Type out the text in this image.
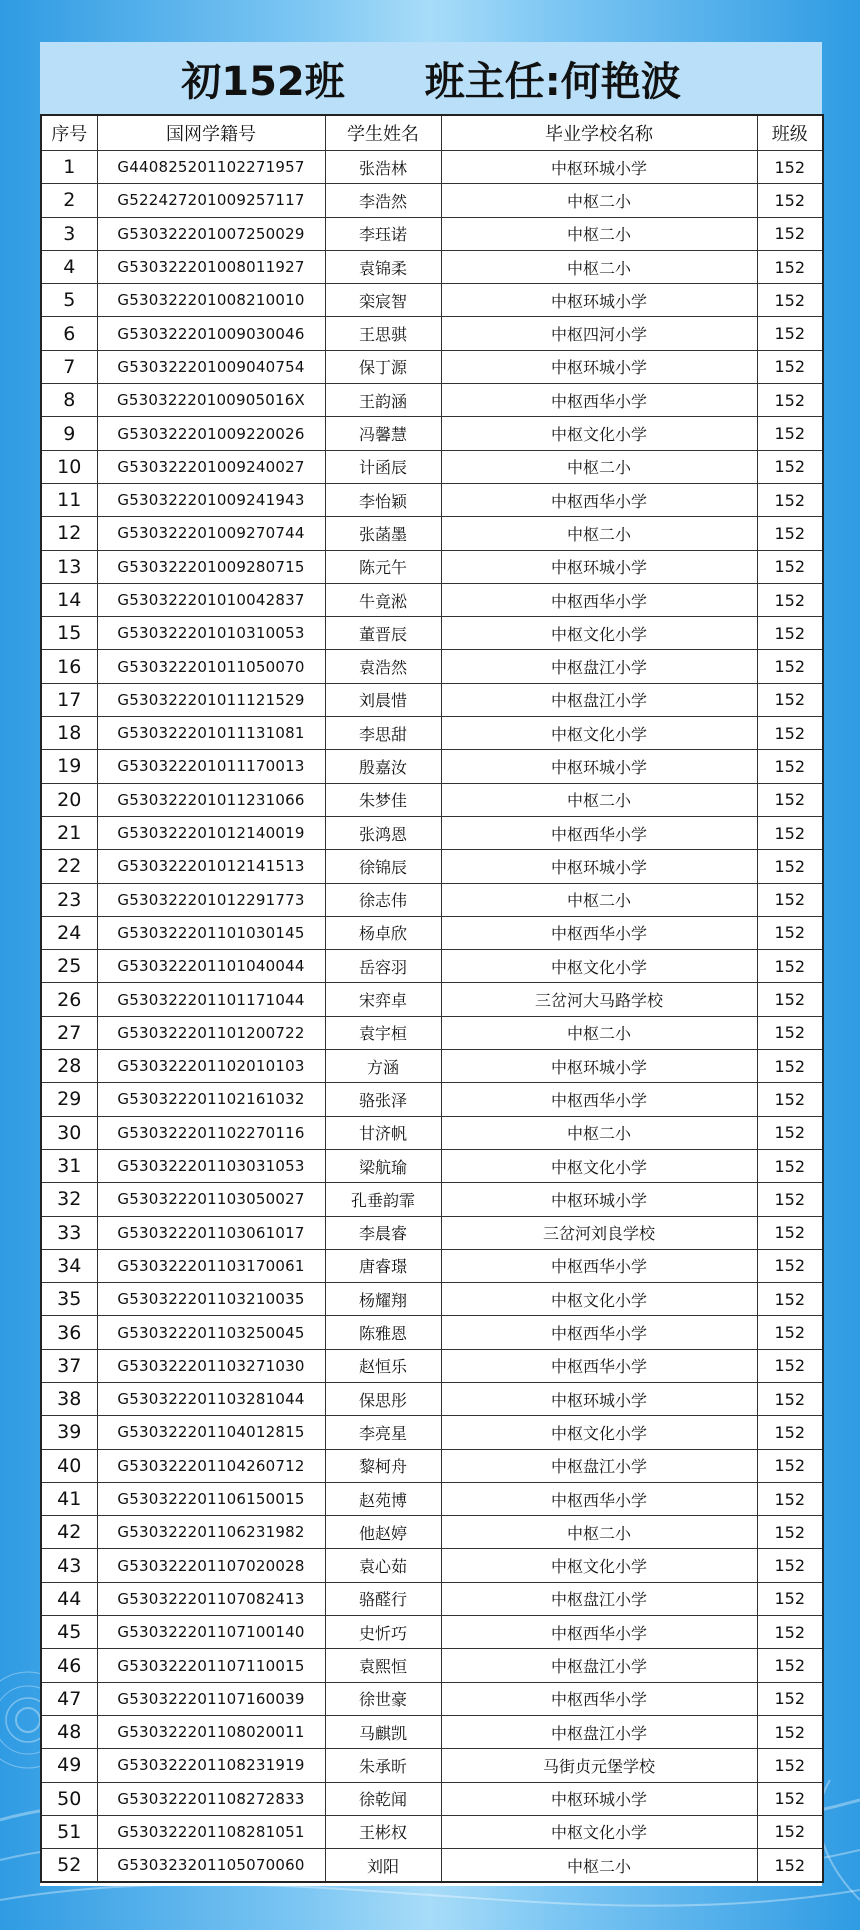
初152班 班主任:何艳波
序号	国网学籍号	学生姓名	毕业学校名称	班级
1	G440825201102271957	张浩林	中枢环城小学	152
2	G522427201009257117	李浩然	中枢二小	152
3	G530322201007250029	李珏诺	中枢二小	152
4	G530322201008011927	袁锦柔	中枢二小	152
5	G530322201008210010	栾宸智	中枢环城小学	152
6	G530322201009030046	王思骐	中枢四河小学	152
7	G530322201009040754	保丁源	中枢环城小学	152
8	G53032220100905016X	王韵涵	中枢西华小学	152
9	G530322201009220026	冯馨慧	中枢文化小学	152
10	G530322201009240027	计函辰	中枢二小	152
11	G530322201009241943	李怡颖	中枢西华小学	152
12	G530322201009270744	张菡墨	中枢二小	152
13	G530322201009280715	陈元午	中枢环城小学	152
14	G530322201010042837	牛竟淞	中枢西华小学	152
15	G530322201010310053	董晋辰	中枢文化小学	152
16	G530322201011050070	袁浩然	中枢盘江小学	152
17	G530322201011121529	刘晨惜	中枢盘江小学	152
18	G530322201011131081	李思甜	中枢文化小学	152
19	G530322201011170013	殷嘉汝	中枢环城小学	152
20	G530322201011231066	朱梦佳	中枢二小	152
21	G530322201012140019	张鸿恩	中枢西华小学	152
22	G530322201012141513	徐锦辰	中枢环城小学	152
23	G530322201012291773	徐志伟	中枢二小	152
24	G530322201101030145	杨卓欣	中枢西华小学	152
25	G530322201101040044	岳容羽	中枢文化小学	152
26	G530322201101171044	宋弈卓	三岔河大马路学校	152
27	G530322201101200722	袁宇桓	中枢二小	152
28	G530322201102010103	方涵	中枢环城小学	152
29	G530322201102161032	骆张泽	中枢西华小学	152
30	G530322201102270116	甘济帆	中枢二小	152
31	G530322201103031053	梁航瑜	中枢文化小学	152
32	G530322201103050027	孔垂韵霏	中枢环城小学	152
33	G530322201103061017	李晨睿	三岔河刘良学校	152
34	G530322201103170061	唐睿璟	中枢西华小学	152
35	G530322201103210035	杨耀翔	中枢文化小学	152
36	G530322201103250045	陈雅恩	中枢西华小学	152
37	G530322201103271030	赵恒乐	中枢西华小学	152
38	G530322201103281044	保思彤	中枢环城小学	152
39	G530322201104012815	李亮星	中枢文化小学	152
40	G530322201104260712	黎柯舟	中枢盘江小学	152
41	G530322201106150015	赵苑博	中枢西华小学	152
42	G530322201106231982	他赵婷	中枢二小	152
43	G530322201107020028	袁心茹	中枢文化小学	152
44	G530322201107082413	骆醛行	中枢盘江小学	152
45	G530322201107100140	史忻巧	中枢西华小学	152
46	G530322201107110015	袁熙恒	中枢盘江小学	152
47	G530322201107160039	徐世豪	中枢西华小学	152
48	G530322201108020011	马麒凯	中枢盘江小学	152
49	G530322201108231919	朱承昕	马街贞元堡学校	152
50	G530322201108272833	徐乾闻	中枢环城小学	152
51	G530322201108281051	王彬权	中枢文化小学	152
52	G530323201105070060	刘阳	中枢二小	152
